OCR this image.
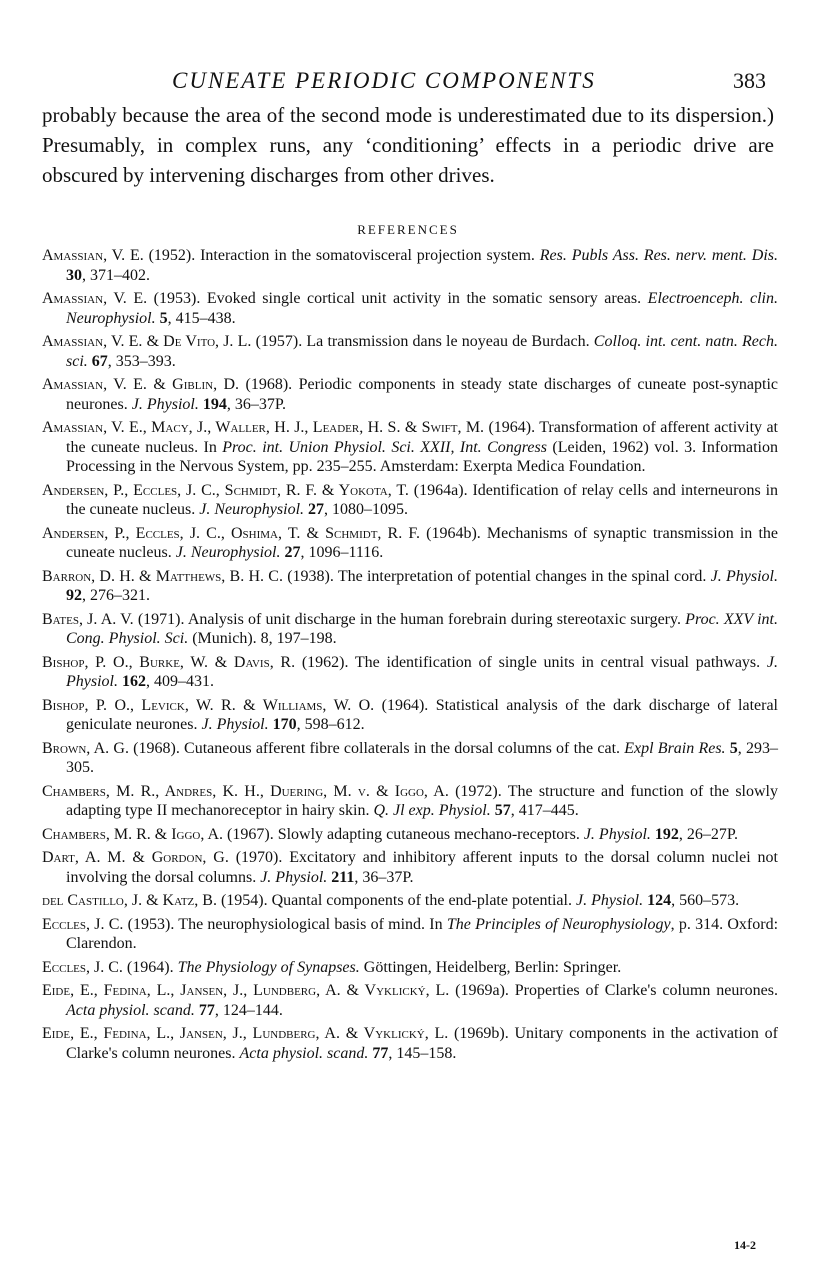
CUNEATE PERIODIC COMPONENTS	383

probably because the area of the second mode is underestimated due to its dispersion.) Presumably, in complex runs, any ‘conditioning’ effects in a periodic drive are obscured by intervening discharges from other drives.

REFERENCES
Amassian, V. E. (1952). Interaction in the somatovisceral projection system. Res. Publs Ass. Res. nerv. ment. Dis. 30, 371–402.
Amassian, V. E. (1953). Evoked single cortical unit activity in the somatic sensory areas. Electroenceph. clin. Neurophysiol. 5, 415–438.
Amassian, V. E. & De Vito, J. L. (1957). La transmission dans le noyeau de Burdach. Colloq. int. cent. natn. Rech. sci. 67, 353–393.
Amassian, V. E. & Giblin, D. (1968). Periodic components in steady state discharges of cuneate post-synaptic neurones. J. Physiol. 194, 36–37P.
Amassian, V. E., Macy, J., Waller, H. J., Leader, H. S. & Swift, M. (1964). Transformation of afferent activity at the cuneate nucleus. In Proc. int. Union Physiol. Sci. XXII, Int. Congress (Leiden, 1962) vol. 3. Information Processing in the Nervous System, pp. 235–255. Amsterdam: Exerpta Medica Foundation.
Andersen, P., Eccles, J. C., Schmidt, R. F. & Yokota, T. (1964a). Identification of relay cells and interneurons in the cuneate nucleus. J. Neurophysiol. 27, 1080–1095.
Andersen, P., Eccles, J. C., Oshima, T. & Schmidt, R. F. (1964b). Mechanisms of synaptic transmission in the cuneate nucleus. J. Neurophysiol. 27, 1096–1116.
Barron, D. H. & Matthews, B. H. C. (1938). The interpretation of potential changes in the spinal cord. J. Physiol. 92, 276–321.
Bates, J. A. V. (1971). Analysis of unit discharge in the human forebrain during stereotaxic surgery. Proc. XXV int. Cong. Physiol. Sci. (Munich). 8, 197–198.
Bishop, P. O., Burke, W. & Davis, R. (1962). The identification of single units in central visual pathways. J. Physiol. 162, 409–431.
Bishop, P. O., Levick, W. R. & Williams, W. O. (1964). Statistical analysis of the dark discharge of lateral geniculate neurones. J. Physiol. 170, 598–612.
Brown, A. G. (1968). Cutaneous afferent fibre collaterals in the dorsal columns of the cat. Expl Brain Res. 5, 293–305.
Chambers, M. R., Andres, K. H., Duering, M. v. & Iggo, A. (1972). The structure and function of the slowly adapting type II mechanoreceptor in hairy skin. Q. Jl exp. Physiol. 57, 417–445.
Chambers, M. R. & Iggo, A. (1967). Slowly adapting cutaneous mechano-receptors. J. Physiol. 192, 26–27P.
Dart, A. M. & Gordon, G. (1970). Excitatory and inhibitory afferent inputs to the dorsal column nuclei not involving the dorsal columns. J. Physiol. 211, 36–37P.
del Castillo, J. & Katz, B. (1954). Quantal components of the end-plate potential. J. Physiol. 124, 560–573.
Eccles, J. C. (1953). The neurophysiological basis of mind. In The Principles of Neurophysiology, p. 314. Oxford: Clarendon.
Eccles, J. C. (1964). The Physiology of Synapses. Göttingen, Heidelberg, Berlin: Springer.
Eide, E., Fedina, L., Jansen, J., Lundberg, A. & Vyklický, L. (1969a). Properties of Clarke's column neurones. Acta physiol. scand. 77, 124–144.
Eide, E., Fedina, L., Jansen, J., Lundberg, A. & Vyklický, L. (1969b). Unitary components in the activation of Clarke's column neurones. Acta physiol. scand. 77, 145–158.
14-2
